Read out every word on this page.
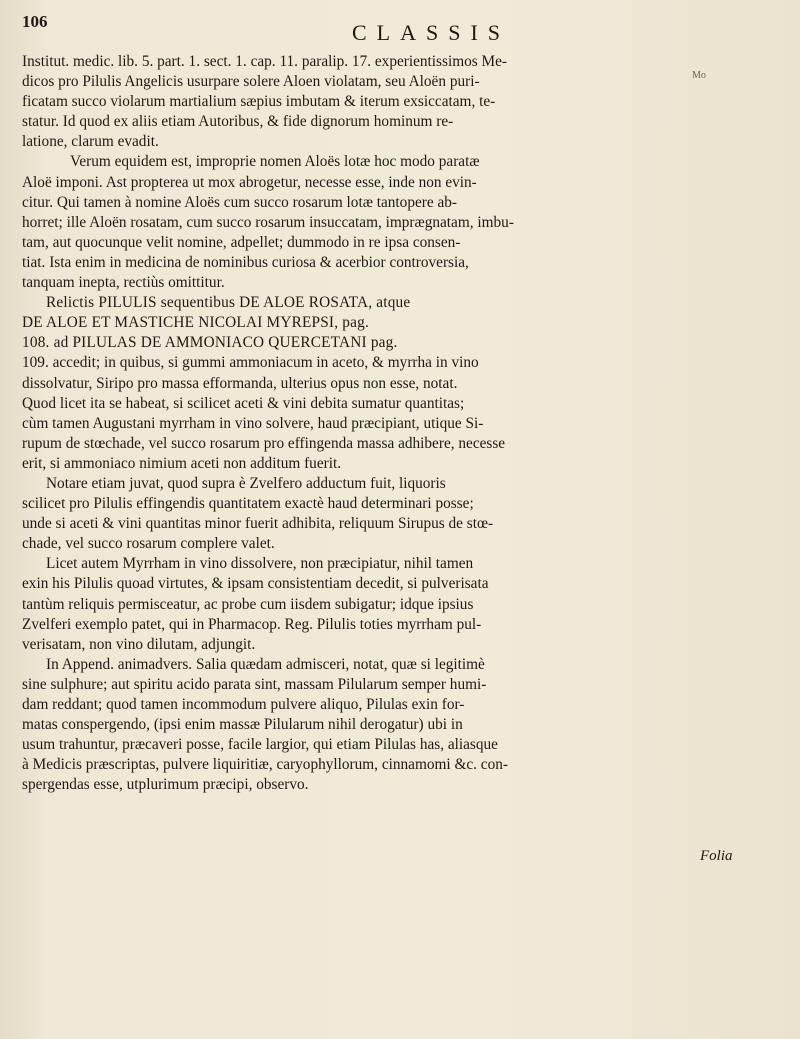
106	CLASSIS
Mo
Institut. medic. lib. 5. part. 1. sect. 1. cap. 11. paralip. 17. experientissimos Me-
dicos pro Pilulis Angelicis usurpare solere Aloen violatam, seu Aloën puri-
ficatam succo violarum martialium sæpius imbutam & iterum exsiccatam, te-
statur. Id quod ex aliis etiam Autoribus, & fide dignorum hominum re-
latione, clarum evadit.
Verum equidem est, improprie nomen Aloës lotæ hoc modo paratæ
Aloë imponi. Ast propterea ut mox abrogetur, necesse esse, inde non evin-
citur. Qui tamen à nomine Aloës cum succo rosarum lotæ tantopere ab-
horret; ille Aloën rosatam, cum succo rosarum insuccatam, imprægnatam, imbu-
tam, aut quocunque velit nomine, adpellet; dummodo in re ipsa consen-
tiat. Ista enim in medicina de nominibus curiosa & acerbior controversia,
tanquam inepta, rectiùs omittitur.
Relictis PILULIS sequentibus DE ALOE ROSATA, atque
DE ALOE ET MASTICHE NICOLAI MYREPSI, pag.
108. ad PILULAS DE AMMONIACO QUERCETANI pag.
109. accedit; in quibus, si gummi ammoniacum in aceto, & myrrha in vino
dissolvatur, Siripo pro massa efformanda, ulterius opus non esse, notat.
Quod licet ita se habeat, si scilicet aceti & vini debita sumatur quantitas;
cùm tamen Augustani myrrham in vino solvere, haud præcipiant, utique Si-
rupum de stœchade, vel succo rosarum pro effingenda massa adhibere, necesse
erit, si ammoniaco nimium aceti non additum fuerit.
Notare etiam juvat, quod supra è Zvelfero adductum fuit, liquoris
scilicet pro Pilulis effingendis quantitatem exactè haud determinari posse;
unde si aceti & vini quantitas minor fuerit adhibita, reliquum Sirupus de stœ-
chade, vel succo rosarum complere valet.
Licet autem Myrrham in vino dissolvere, non præcipiatur, nihil tamen
exin his Pilulis quoad virtutes, & ipsam consistentiam decedit, si pulverisata
tantùm reliquis permisceatur, ac probe cum iisdem subigatur; idque ipsius
Zvelferi exemplo patet, qui in Pharmacop. Reg. Pilulis toties myrrham pul-
verisatam, non vino dilutam, adjungit.
In Append. animadvers. Salia quædam admisceri, notat, quæ si legitimè
sine sulphure; aut spiritu acido parata sint, massam Pilularum semper humi-
dam reddant; quod tamen incommodum pulvere aliquo, Pilulas exin for-
matas conspergendo, (ipsi enim massæ Pilularum nihil derogatur) ubi in
usum trahuntur, præcaveri posse, facile largior, qui etiam Pilulas has, aliasque
à Medicis præscriptas, pulvere liquiritiæ, caryophyllorum, cinnamomi &c. con-
spergendas esse, utplurimum præcipi, observo.
Folia
